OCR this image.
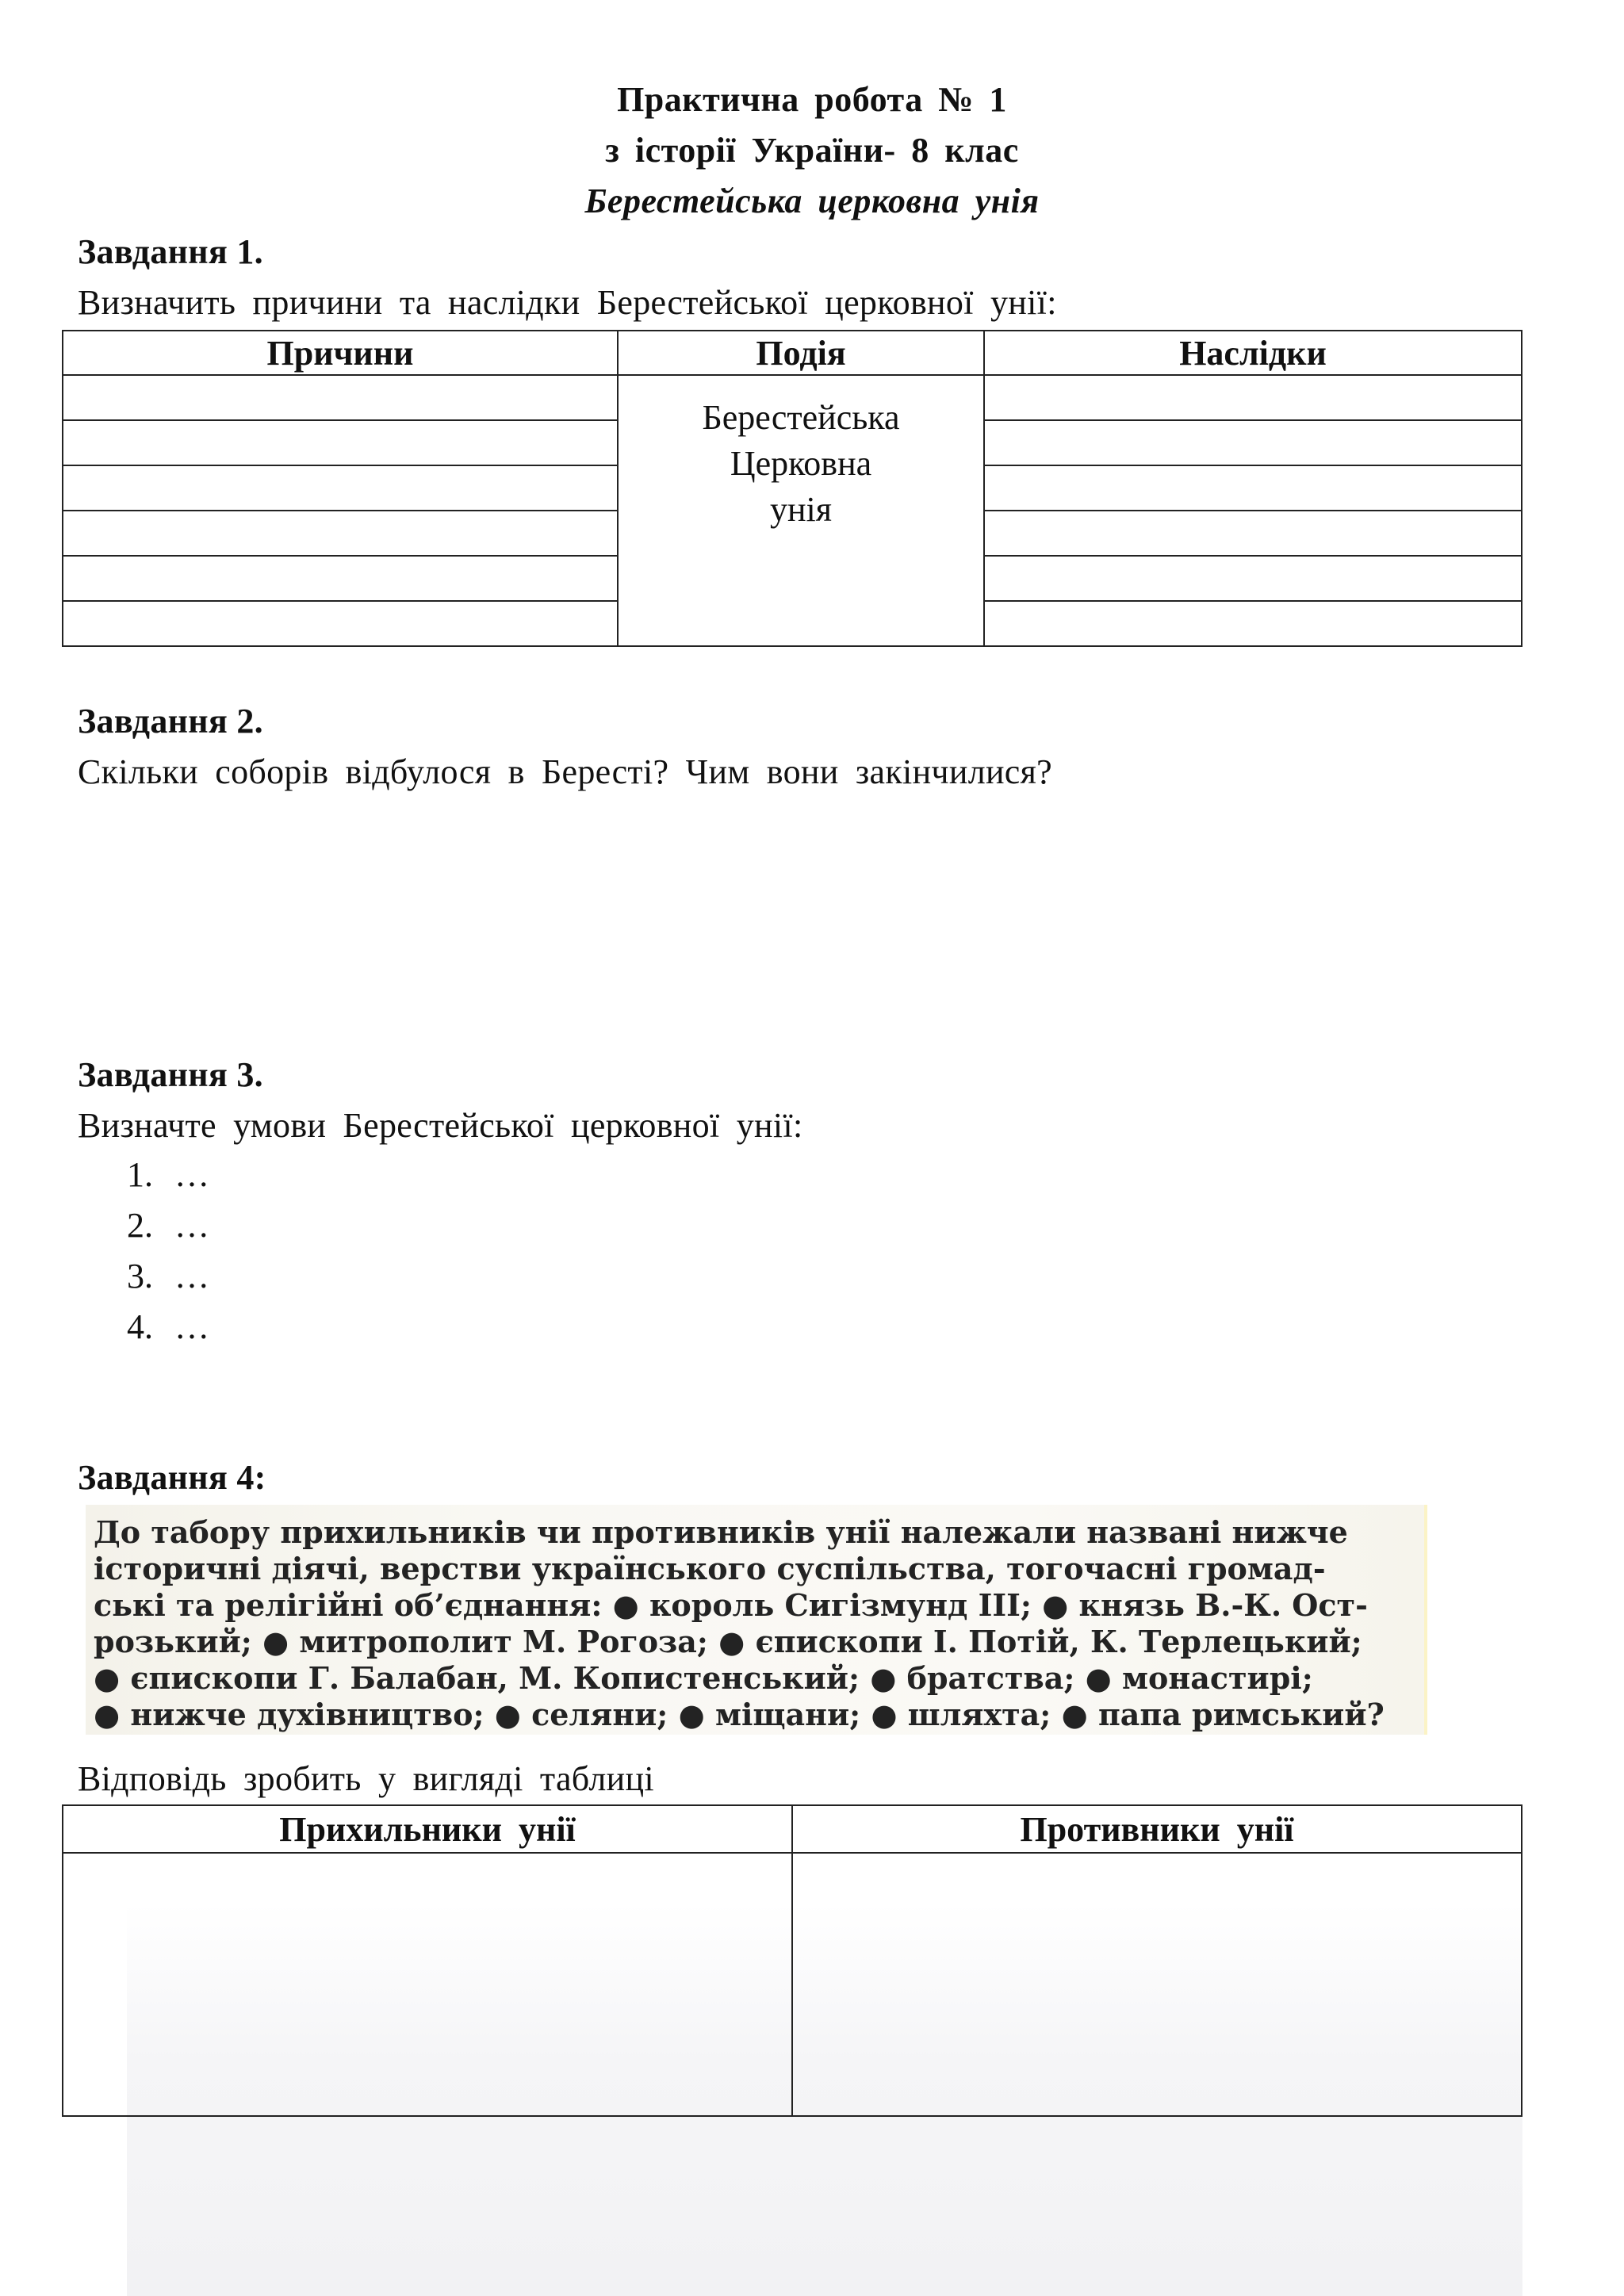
Практична робота № 1
з історії України- 8 клас
Берестейська церковна унія
Завдання 1.
Визначить причини та наслідки Берестейської церковної унії:
Причини	Подія	Наслідки

	Берестейська
Церковна
унія	

Завдання 2.
Скільки соборів відбулося в Бересті? Чим вони закінчилися?
Завдання 3.
Визначте умови Берестейської церковної унії:
1. …
2. …
3. …
4. …
Завдання 4:
До табору прихильників чи противників унії належали названі нижче
історичні діячі, верстви українського суспільства, тогочасні громад-
ські та релігійні об’єднання: ● король Сигізмунд ІІІ; ● князь В.-К. Ост-
розький; ● митрополит М. Рогоза; ● єпископи І. Потій, К. Терлецький;
● єпископи Г. Балабан, М. Копистенський; ● братства; ● монастирі;
● нижче духівництво; ● селяни; ● міщани; ● шляхта; ● папа римський?
Відповідь зробить у вигляді таблиці
Прихильники унії	Противники унії
